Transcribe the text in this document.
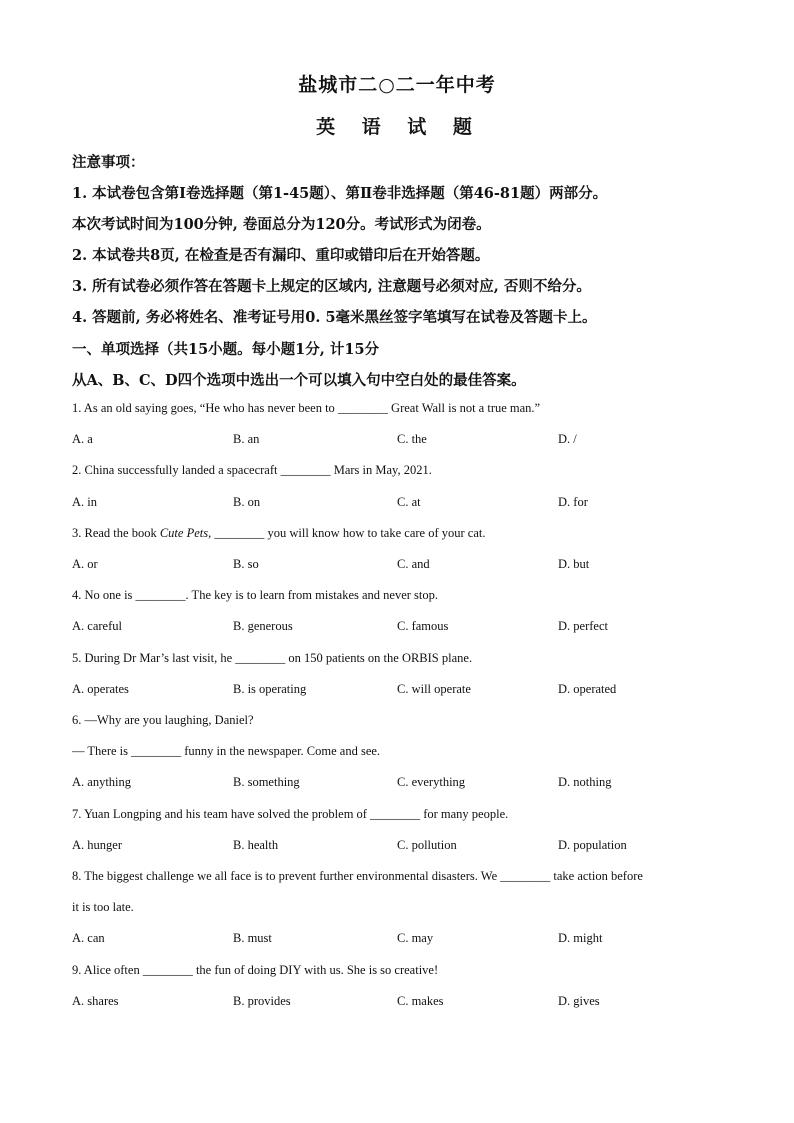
盐城市二○二一年中考
英 语 试 题
注意事项：
1. 本试卷包含第Ⅰ卷选择题（第1-45题）、第Ⅱ卷非选择题（第46-81题）两部分。
本次考试时间为100分钟, 卷面总分为120分。考试形式为闭卷。
2. 本试卷共8页, 在检查是否有漏印、重印或错印后在开始答题。
3. 所有试卷必须作答在答题卡上规定的区域内, 注意题号必须对应, 否则不给分。
4. 答题前, 务必将姓名、准考证号用0. 5毫米黑丝签字笔填写在试卷及答题卡上。
一、单项选择（共15小题。每小题1分, 计15分
从A、B、C、D四个选项中选出一个可以填入句中空白处的最佳答案。
1. As an old saying goes, “He who has never been to ________ Great Wall is not a true man.”
A. a	B. an	C. the	D. /
2. China successfully landed a spacecraft ________ Mars in May, 2021.
A. in	B. on	C. at	D. for
3. Read the book Cute Pets, ________ you will know how to take care of your cat.
A. or	B. so	C. and	D. but
4. No one is ________. The key is to learn from mistakes and never stop.
A. careful	B. generous	C. famous	D. perfect
5. During Dr Mar’s last visit, he ________ on 150 patients on the ORBIS plane.
A. operates	B. is operating	C. will operate	D. operated
6. —Why are you laughing, Daniel?
— There is ________ funny in the newspaper. Come and see.
A. anything	B. something	C. everything	D. nothing
7. Yuan Longping and his team have solved the problem of ________ for many people.
A. hunger	B. health	C. pollution	D. population
8. The biggest challenge we all face is to prevent further environmental disasters. We ________ take action before
it is too late.
A. can	B. must	C. may	D. might
9. Alice often ________ the fun of doing DIY with us. She is so creative!
A. shares	B. provides	C. makes	D. gives
